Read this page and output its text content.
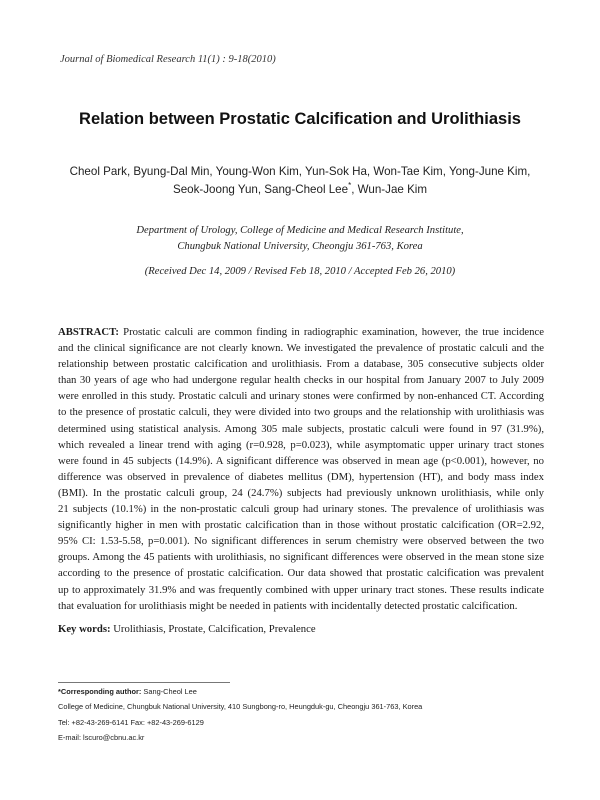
Journal of Biomedical Research 11(1) : 9-18(2010)
Relation between Prostatic Calcification and Urolithiasis
Cheol Park, Byung-Dal Min, Young-Won Kim, Yun-Sok Ha, Won-Tae Kim, Yong-June Kim,
Seok-Joong Yun, Sang-Cheol Lee*, Wun-Jae Kim
Department of Urology, College of Medicine and Medical Research Institute,
Chungbuk National University, Cheongju 361-763, Korea
(Received Dec 14, 2009 / Revised Feb 18, 2010 / Accepted Feb 26, 2010)
ABSTRACT: Prostatic calculi are common finding in radiographic examination, however, the true incidence
and the clinical significance are not clearly known. We investigated the prevalence of prostatic calculi and the
relationship between prostatic calcification and urolithiasis. From a database, 305 consecutive subjects older
than 30 years of age who had undergone regular health checks in our hospital from January 2007 to July 2009
were enrolled in this study. Prostatic calculi and urinary stones were confirmed by non-enhanced CT. According
to the presence of prostatic calculi, they were divided into two groups and the relationship with urolithiasis was
determined using statistical analysis. Among 305 male subjects, prostatic calculi were found in 97 (31.9%),
which revealed a linear trend with aging (r=0.928, p=0.023), while asymptomatic upper urinary tract stones
were found in 45 subjects (14.9%). A significant difference was observed in mean age (p<0.001), however, no
difference was observed in prevalence of diabetes mellitus (DM), hypertension (HT), and body mass index
(BMI). In the prostatic calculi group, 24 (24.7%) subjects had previously unknown urolithiasis, while only
21 subjects (10.1%) in the non-prostatic calculi group had urinary stones. The prevalence of urolithiasis was
significantly higher in men with prostatic calcification than in those without prostatic calcification (OR=2.92,
95% CI: 1.53-5.58, p=0.001). No significant differences in serum chemistry were observed between the two
groups. Among the 45 patients with urolithiasis, no significant differences were observed in the mean stone size
according to the presence of prostatic calcification. Our data showed that prostatic calcification was prevalent
up to approximately 31.9% and was frequently combined with upper urinary tract stones. These results indicate
that evaluation for urolithiasis might be needed in patients with incidentally detected prostatic calcification.
Key words: Urolithiasis, Prostate, Calcification, Prevalence
*Corresponding author: Sang-Cheol Lee
College of Medicine, Chungbuk National University, 410 Sungbong-ro, Heungduk-gu, Cheongju 361-763, Korea
Tel: +82-43-269-6141 Fax: +82-43-269-6129
E-mail: lscuro@cbnu.ac.kr
